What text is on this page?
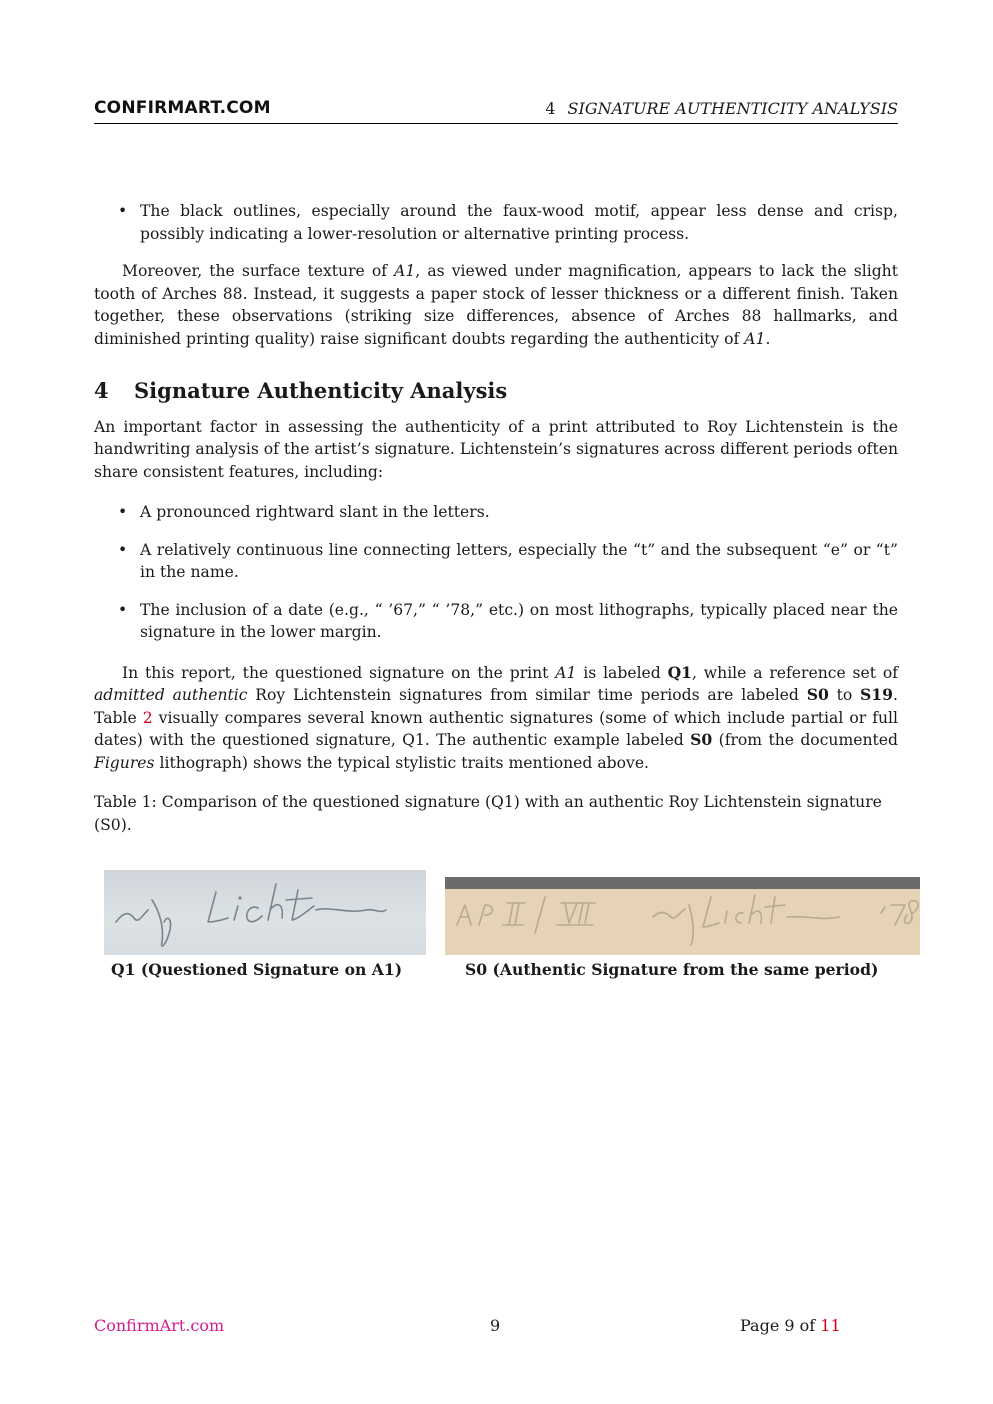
CONFIRMART.COM	4 SIGNATURE AUTHENTICITY ANALYSIS
• The black outlines, especially around the faux-wood motif, appear less dense and crisp, possibly indicating a lower-resolution or alternative printing process.

Moreover, the surface texture of A1, as viewed under magnification, appears to lack the slight tooth of Arches 88. Instead, it suggests a paper stock of lesser thickness or a different finish. Taken together, these observations (striking size differences, absence of Arches 88 hallmarks, and diminished printing quality) raise significant doubts regarding the authenticity of A1.

4 Signature Authenticity Analysis

An important factor in assessing the authenticity of a print attributed to Roy Lichtenstein is the handwriting analysis of the artist’s signature. Lichtenstein’s signatures across different periods often share consistent features, including:

• A pronounced rightward slant in the letters.
• A relatively continuous line connecting letters, especially the “t” and the subsequent “e” or “t” in the name.
• The inclusion of a date (e.g., “ ’67,” “ ’78,” etc.) on most lithographs, typically placed near the signature in the lower margin.

In this report, the questioned signature on the print A1 is labeled Q1, while a reference set of admitted authentic Roy Lichtenstein signatures from similar time periods are labeled S0 to S19. Table 2 visually compares several known authentic signatures (some of which include partial or full dates) with the questioned signature, Q1. The authentic example labeled S0 (from the documented Figures lithograph) shows the typical stylistic traits mentioned above.

Table 1: Comparison of the questioned signature (Q1) with an authentic Roy Lichtenstein signature (S0).

Q1 (Questioned Signature on A1)	S0 (Authentic Signature from the same period)
ConfirmArt.com	9	Page 9 of 11
